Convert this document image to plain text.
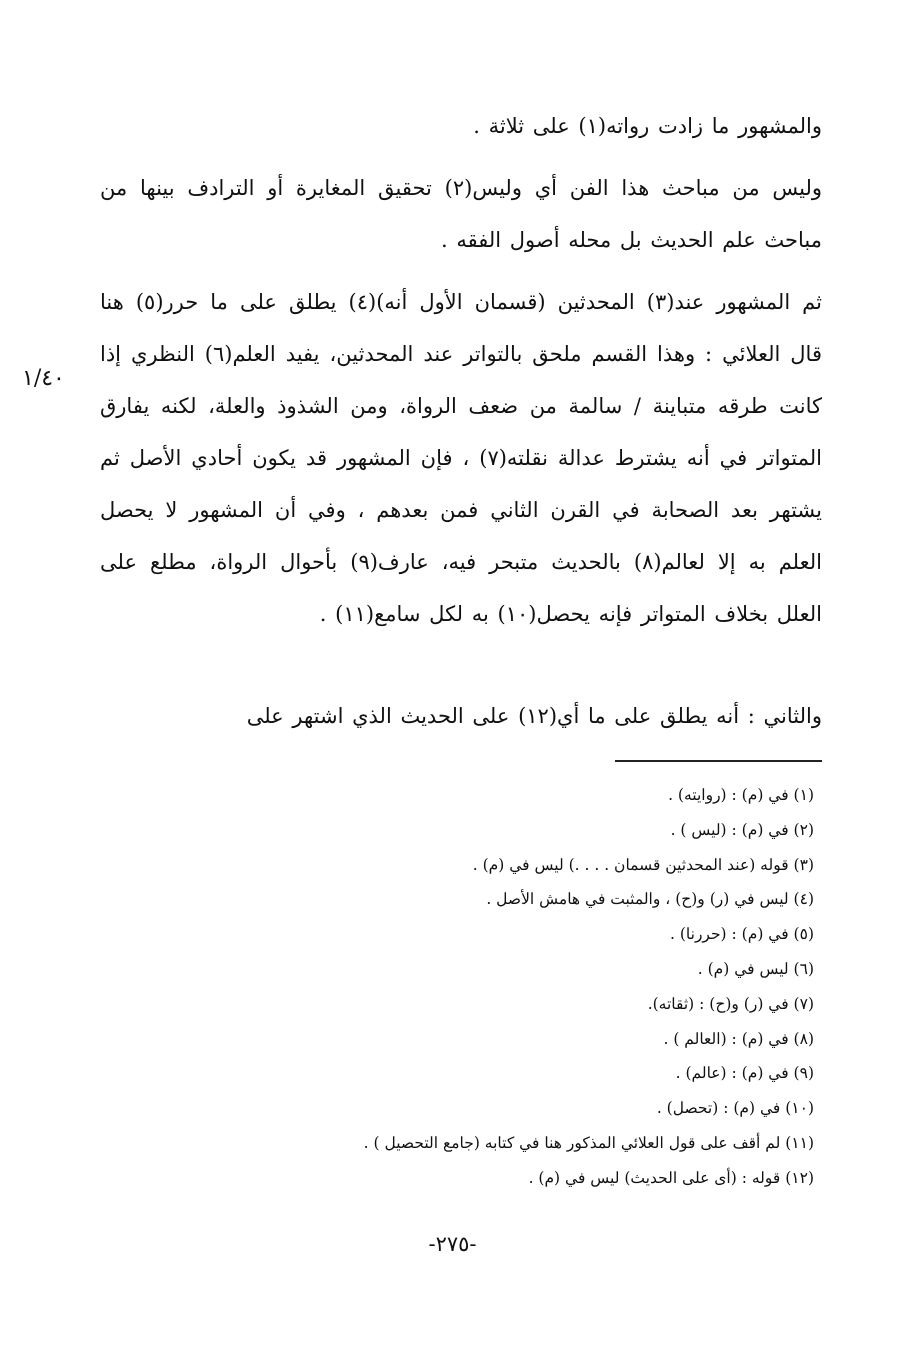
والمشهور ما زادت رواته(١) على ثلاثة .
وليس من مباحث هذا الفن أي وليس(٢) تحقيق المغايرة أو الترادف بينها من مباحث علم الحديث بل محله أصول الفقه .
ثم المشهور عند(٣) المحدثين (قسمان الأول أنه)(٤) يطلق على ما حرر(٥) هنا قال العلائي : وهذا القسم ملحق بالتواتر عند المحدثين، يفيد العلم(٦) النظري إذا كانت طرقه متباينة / سالمة من ضعف الرواة، ومن الشذوذ والعلة، لكنه يفارق المتواتر في أنه يشترط عدالة نقلته(٧) ، فإن المشهور قد يكون أحادي الأصل ثم يشتهر بعد الصحابة في القرن الثاني فمن بعدهم ، وفي أن المشهور لا يحصل العلم به إلا لعالم(٨) بالحديث متبحر فيه، عارف(٩) بأحوال الرواة، مطلع على العلل بخلاف المتواتر فإنه يحصل(١٠) به لكل سامع(١١) .
والثاني : أنه يطلق على ما أي(١٢) على الحديث الذي اشتهر على
١/٤٠
(١) في (م) : (روايته) .
(٢) في (م) : (ليس ) .
(٣) قوله (عند المحدثين قسمان . . . .) ليس في (م) .
(٤) ليس في (ر) و(ح) ، والمثبت في هامش الأصل .
(٥) في (م) : (حررنا) .
(٦) ليس في (م) .
(٧) في (ر) و(ح) : (ثقاته).
(٨) في (م) : (العالم ) .
(٩) في (م) : (عالم) .
(١٠) في (م) : (تحصل) .
(١١) لم أقف على قول العلائي المذكور هنا في كتابه (جامع التحصيل ) .
(١٢) قوله : (أى على الحديث) ليس في (م) .
-٢٧٥-
